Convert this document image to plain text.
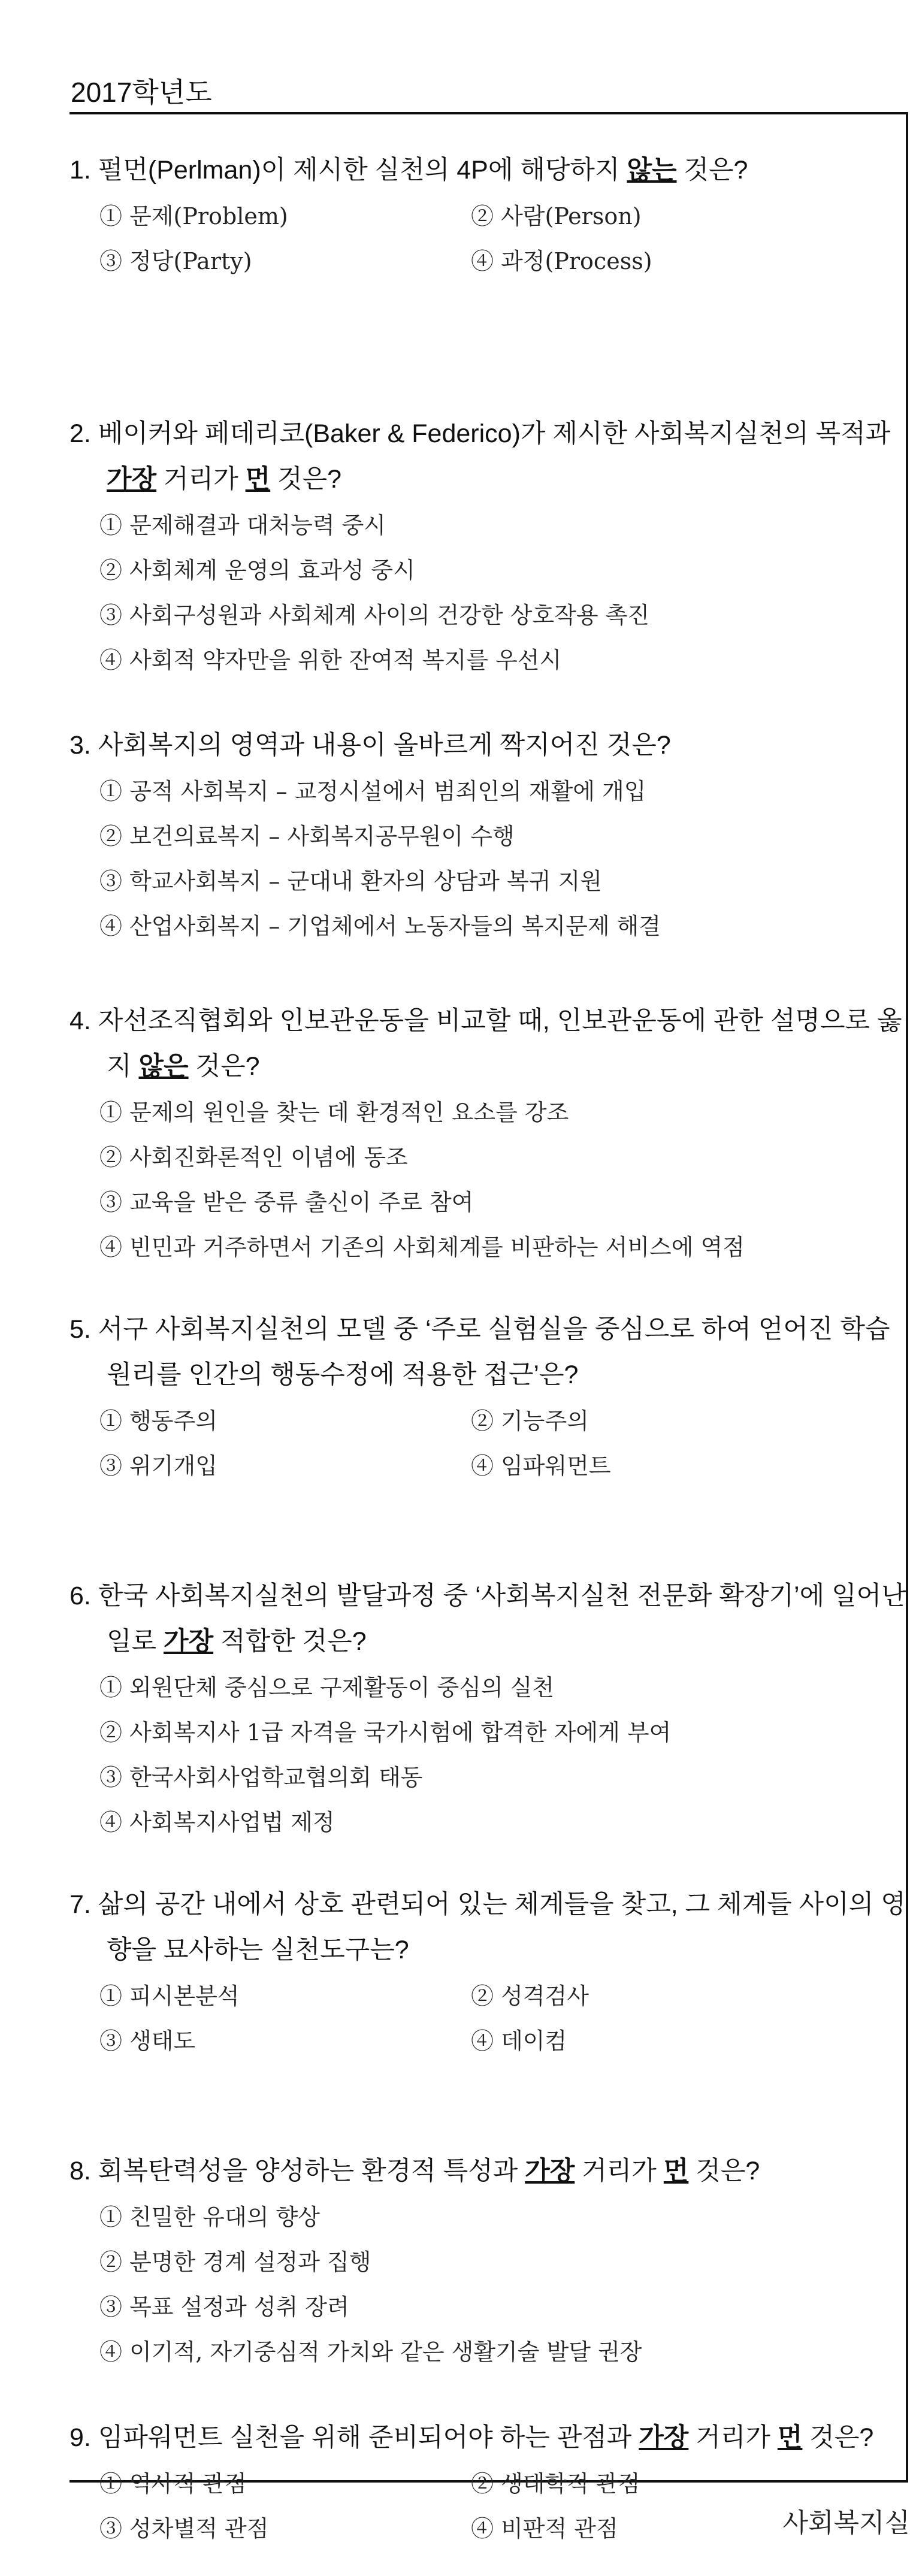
2017학년도

1. 펄먼(Perlman)이 제시한 실천의 4P에 해당하지 않는 것은?

① 문제(Problem)	② 사람(Person)
③ 정당(Party)	④ 과정(Process)

2. 베이커와 페데리코(Baker & Federico)가 제시한 사회복지실천의 목적과 가장 거리가 먼 것은?

① 문제해결과 대처능력 중시
② 사회체계 운영의 효과성 중시
③ 사회구성원과 사회체계 사이의 건강한 상호작용 촉진
④ 사회적 약자만을 위한 잔여적 복지를 우선시

3. 사회복지의 영역과 내용이 올바르게 짝지어진 것은?

① 공적 사회복지 – 교정시설에서 범죄인의 재활에 개입
② 보건의료복지 – 사회복지공무원이 수행
③ 학교사회복지 – 군대내 환자의 상담과 복귀 지원
④ 산업사회복지 – 기업체에서 노동자들의 복지문제 해결

4. 자선조직협회와 인보관운동을 비교할 때, 인보관운동에 관한 설명으로 옳지 않은 것은?

① 문제의 원인을 찾는 데 환경적인 요소를 강조
② 사회진화론적인 이념에 동조
③ 교육을 받은 중류 출신이 주로 참여
④ 빈민과 거주하면서 기존의 사회체계를 비판하는 서비스에 역점

5. 서구 사회복지실천의 모델 중 ‘주로 실험실을 중심으로 하여 얻어진 학습 원리를 인간의 행동수정에 적용한 접근’은?

① 행동주의	② 기능주의
③ 위기개입	④ 임파워먼트

6. 한국 사회복지실천의 발달과정 중 ‘사회복지실천 전문화 확장기’에 일어난 일로 가장 적합한 것은?

① 외원단체 중심으로 구제활동이 중심의 실천
② 사회복지사 1급 자격을 국가시험에 합격한 자에게 부여
③ 한국사회사업학교협의회 태동
④ 사회복지사업법 제정

7. 삶의 공간 내에서 상호 관련되어 있는 체계들을 찾고, 그 체계들 사이의 영향을 묘사하는 실천도구는?

① 피시본분석	② 성격검사
③ 생태도	④ 데이컴

8. 회복탄력성을 양성하는 환경적 특성과 가장 거리가 먼 것은?

① 친밀한 유대의 향상
② 분명한 경계 설정과 집행
③ 목표 설정과 성취 장려
④ 이기적, 자기중심적 가치와 같은 생활기술 발달 권장

9. 임파워먼트 실천을 위해 준비되어야 하는 관점과 가장 거리가 먼 것은?

① 역사적 관점	② 생태학적 관점
③ 성차별적 관점	④ 비판적 관점	사회복지실
